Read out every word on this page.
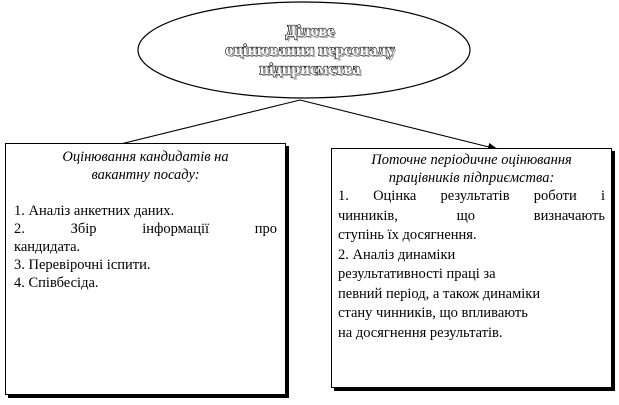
Ділове
оцінювання персоналу
підприємства
Оцінювання кандидатів на
вакантну посаду:
1. Аналіз анкетних даних.
2. Збір інформації про
кандидата.
3. Перевірочні іспити.
4. Співбесіда.
Поточне періодичне оцінювання
працівників підприємства:
1. Оцінка результатів роботи і
чинників, що визначають
ступінь їх досягнення.
2. Аналіз динаміки
результативності праці за
певний період, а також динаміки
стану чинників, що впливають
на досягнення результатів.
